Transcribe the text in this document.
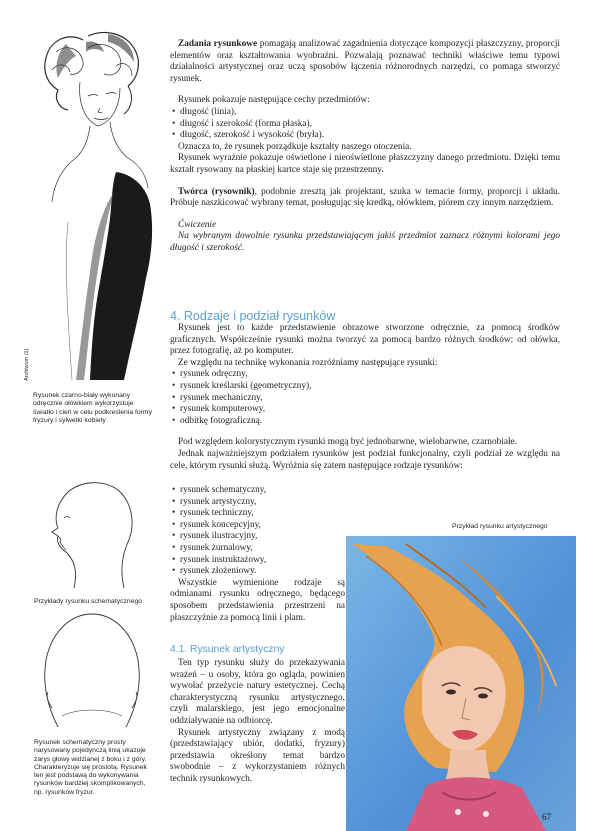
Archiwum (1)

Rysunek czarno-biały wykonany odręcznie ołówkiem wykorzystuje światło i cień w celu podkreślenia formy fryzury i sylwetki kobiety

Zadania rysunkowe pomagają analizować zagadnienia dotyczące kompozycji płaszczyzny, proporcji elementów oraz kształtowania wyobraźni. Pozwalają poznawać techniki właściwe temu typowi działalności artystycznej oraz uczą sposobów łączenia różnorodnych narzędzi, co pomaga stworzyć rysunek.

Rysunek pokazuje następujące cechy przedmiotów:

• długość (linia),

• długość i szerokość (forma płaska),

• długość, szerokość i wysokość (bryła).

Oznacza to, że rysunek porządkuje kształty naszego otoczenia.

Rysunek wyraźnie pokazuje oświetlone i nieoświetlone płaszczyzny danego przedmiotu. Dzięki temu kształt rysowany na płaskiej kartce staje się przestrzenny.

Twórca (rysownik), podobnie zresztą jak projektant, szuka w temacie formy, proporcji i układu. Próbuje naszkicować wybrany temat, posługując się kredką, ołówkiem, piórem czy innym narzędziem.

Ćwiczenie

Na wybranym dowolnie rysunku przedstawiającym jakiś przedmiot zaznacz różnymi kolorami jego długość i szerokość.

4. Rodzaje i podział rysunków

Rysunek jest to każde przedstawienie obrazowe stworzone odręcznie, za pomocą środków graficznych. Współcześnie rysunki można tworzyć za pomocą bardzo różnych środków: od ołówka, przez fotografię, aż po komputer.

Ze względu na technikę wykonania rozróżniamy następujące rysunki:

• rysunek odręczny,

• rysunek kreślarski (geometryczny),

• rysunek mechaniczny,

• rysunek komputerowy,

• odbitkę fotograficzną.

Pod względem kolorystycznym rysunki mogą być jednobarwne, wielobarwne, czarnobiałe.

Jednak najważniejszym podziałem rysunków jest podział funkcjonalny, czyli podział ze względu na cele, którym rysunki służą. Wyróżnia się zatem następujące rodzaje rysunków:

• rysunek schematyczny,

• rysunek artystyczny,

• rysunek techniczny,

• rysunek koncepcyjny,

• rysunek ilustracyjny,

• rysunek żurnalowy,

• rysunek instruktażowy,

• rysunek złożeniowy.

Wszystkie wymienione rodzaje są odmianami rysunku odręcznego, będącego sposobem przedstawienia przestrzeni na płaszczyźnie za pomocą linii i plam.

4.1. Rysunek artystyczny

Ten typ rysunku służy do przekazywania wrażeń – u osoby, która go ogląda, powinien wywołać przeżycie natury estetycznej. Cechą charakterystyczną rysunku artystycznego, czyli malarskiego, jest jego emocjonalne oddziaływanie na odbiorcę.

Rysunek artystyczny związany z modą (przedstawiający ubiór, dodatki, fryzury) przedstawia określony temat bardzo swobodnie – z wykorzystaniem różnych technik rysunkowych.

Przykłady rysunku schematycznego

Rysunek schematyczny prosty narysowany pojedynczą linią ukazuje zarys głowy widzianej z boku i z góry. Charakteryzuje się prostotą. Rysunek ten jest podstawą do wykonywania rysunków bardziej skomplikowanych, np. rysunków fryzur.

Przykład rysunku artystycznego

67
